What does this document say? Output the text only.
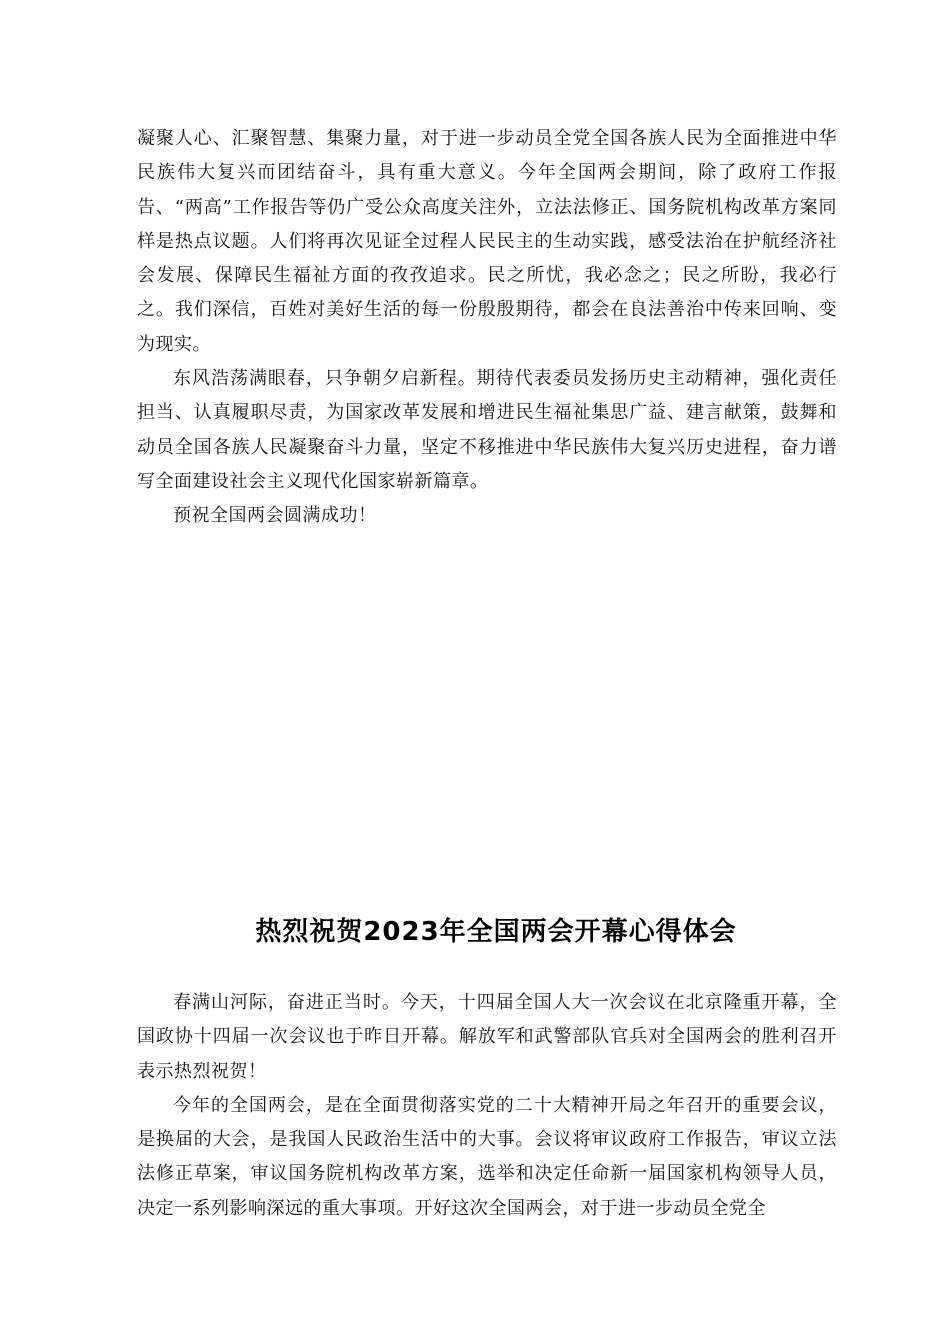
凝聚人心、汇聚智慧、集聚力量，对于进一步动员全党全国各族人民为全面推进中华民族伟大复兴而团结奋斗，具有重大意义。今年全国两会期间，除了政府工作报告、“两高”工作报告等仍广受公众高度关注外，立法法修正、国务院机构改革方案同样是热点议题。人们将再次见证全过程人民民主的生动实践，感受法治在护航经济社会发展、保障民生福祉方面的孜孜追求。民之所忧，我必念之；民之所盼，我必行之。我们深信，百姓对美好生活的每一份殷殷期待，都会在良法善治中传来回响、变为现实。

东风浩荡满眼春，只争朝夕启新程。期待代表委员发扬历史主动精神，强化责任担当、认真履职尽责，为国家改革发展和增进民生福祉集思广益、建言献策，鼓舞和动员全国各族人民凝聚奋斗力量，坚定不移推进中华民族伟大复兴历史进程，奋力谱写全面建设社会主义现代化国家崭新篇章。

预祝全国两会圆满成功！

热烈祝贺2023年全国两会开幕心得体会

春满山河际，奋进正当时。今天，十四届全国人大一次会议在北京隆重开幕，全国政协十四届一次会议也于昨日开幕。解放军和武警部队官兵对全国两会的胜利召开表示热烈祝贺！

今年的全国两会，是在全面贯彻落实党的二十大精神开局之年召开的重要会议，是换届的大会，是我国人民政治生活中的大事。会议将审议政府工作报告，审议立法法修正草案，审议国务院机构改革方案，选举和决定任命新一届国家机构领导人员，决定一系列影响深远的重大事项。开好这次全国两会，对于进一步动员全党全
